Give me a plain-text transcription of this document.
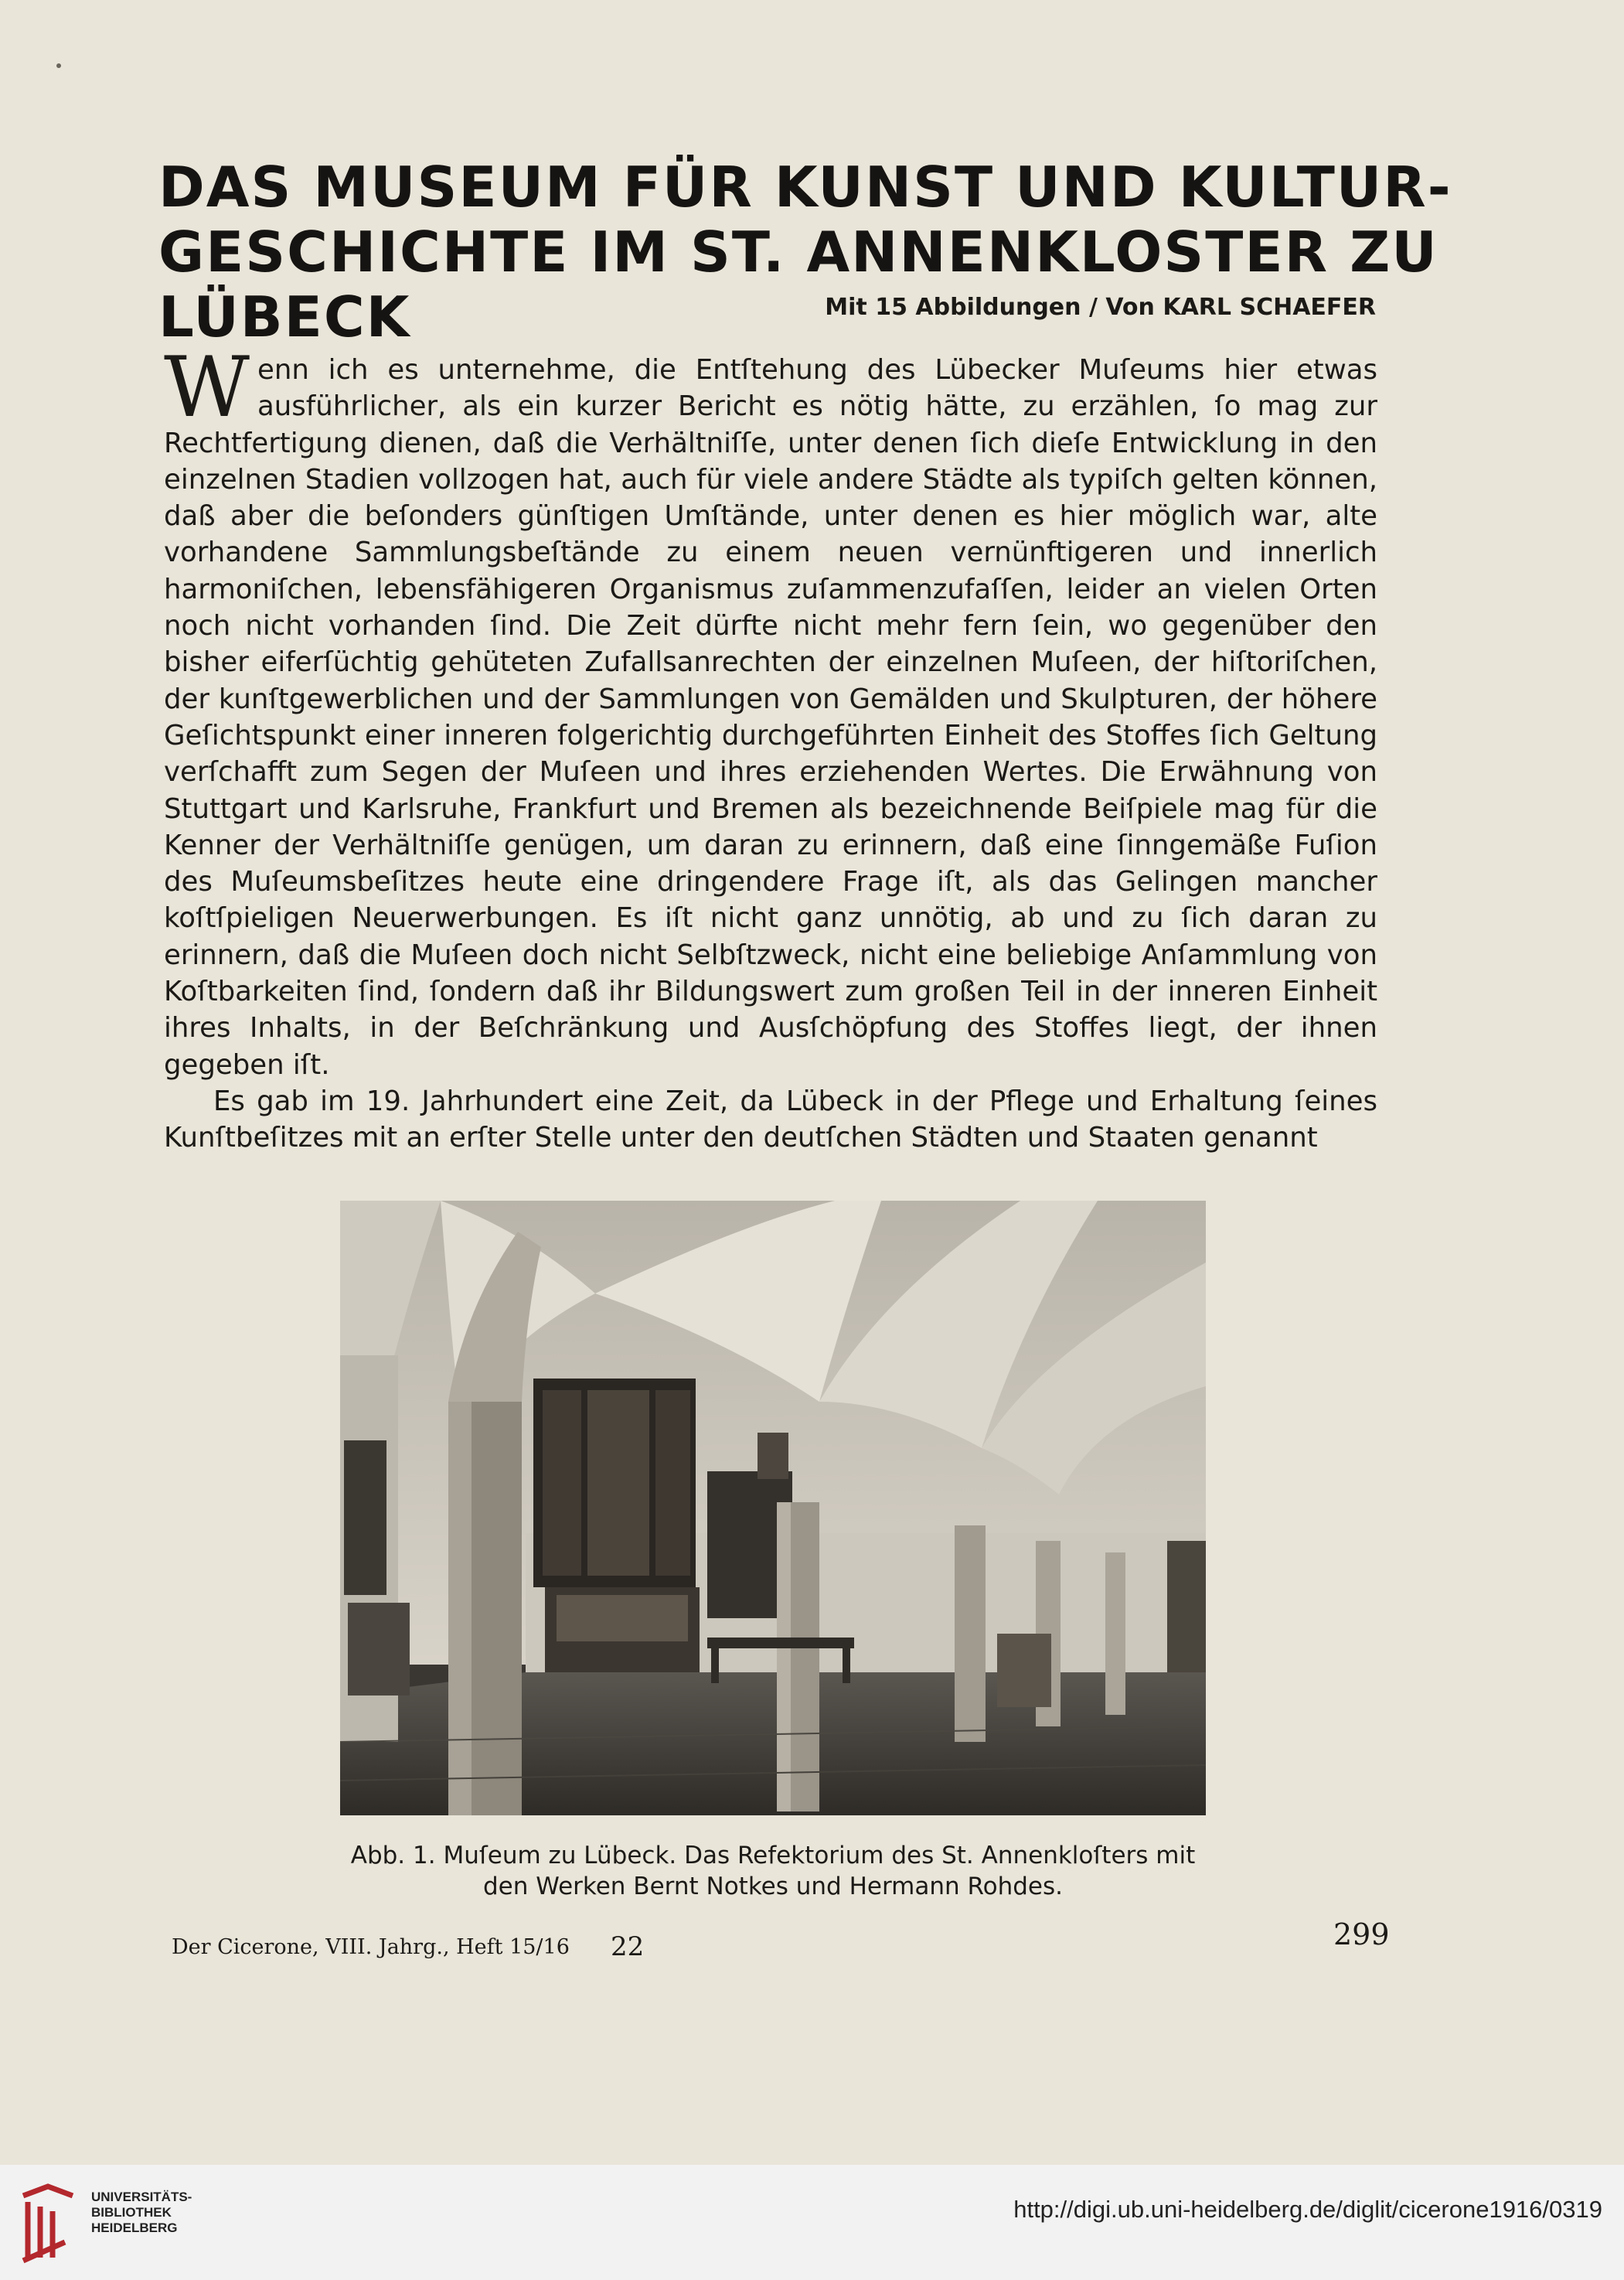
DAS MUSEUM FÜR KUNST UND KULTUR-
GESCHICHTE IM ST. ANNENKLOSTER ZU
LÜBECK	Mit 15 Abbildungen / Von KARL SCHAEFER

Wenn ich es unternehme, die Entſtehung des Lübecker Muſeums hier etwas ausführlicher, als ein kurzer Bericht es nötig hätte, zu erzählen, ſo mag zur Rechtfertigung dienen, daß die Verhältniſſe, unter denen ſich dieſe Entwicklung in den einzelnen Stadien vollzogen hat, auch für viele andere Städte als typiſch gelten können, daß aber die beſonders günſtigen Umſtände, unter denen es hier möglich war, alte vorhandene Sammlungsbeſtände zu einem neuen vernünftigeren und innerlich harmoniſchen, lebensfähigeren Organismus zuſammenzufaſſen, leider an vielen Orten noch nicht vorhanden ſind. Die Zeit dürfte nicht mehr fern ſein, wo gegenüber den bisher eiferſüchtig gehüteten Zufallsanrechten der einzelnen Muſeen, der hiſtoriſchen, der kunſtgewerblichen und der Sammlungen von Gemälden und Skulpturen, der höhere Geſichtspunkt einer inneren folgerichtig durchgeführten Einheit des Stoffes ſich Geltung verſchafft zum Segen der Muſeen und ihres erziehenden Wertes. Die Erwähnung von Stuttgart und Karlsruhe, Frankfurt und Bremen als bezeichnende Beiſpiele mag für die Kenner der Verhältniſſe genügen, um daran zu erinnern, daß eine ſinngemäße Fuſion des Muſeumsbeſitzes heute eine dringendere Frage iſt, als das Gelingen mancher koſtſpieligen Neuerwerbungen. Es iſt nicht ganz unnötig, ab und zu ſich daran zu erinnern, daß die Muſeen doch nicht Selbſtzweck, nicht eine beliebige Anſammlung von Koſtbarkeiten ſind, ſondern daß ihr Bildungswert zum großen Teil in der inneren Einheit ihres Inhalts, in der Beſchränkung und Ausſchöpfung des Stoffes liegt, der ihnen gegeben iſt.

Es gab im 19. Jahrhundert eine Zeit, da Lübeck in der Pflege und Erhaltung ſeines Kunſtbeſitzes mit an erſter Stelle unter den deutſchen Städten und Staaten genannt

Abb. 1. Muſeum zu Lübeck. Das Refektorium des St. Annenkloſters mit
den Werken Bernt Notkes und Hermann Rohdes.
Der Cicerone, VIII. Jahrg., Heft 15/16 22	299
UNIVERSITÄTS-
BIBLIOTHEK
HEIDELBERG
http://digi.ub.uni-heidelberg.de/diglit/cicerone1916/0319
